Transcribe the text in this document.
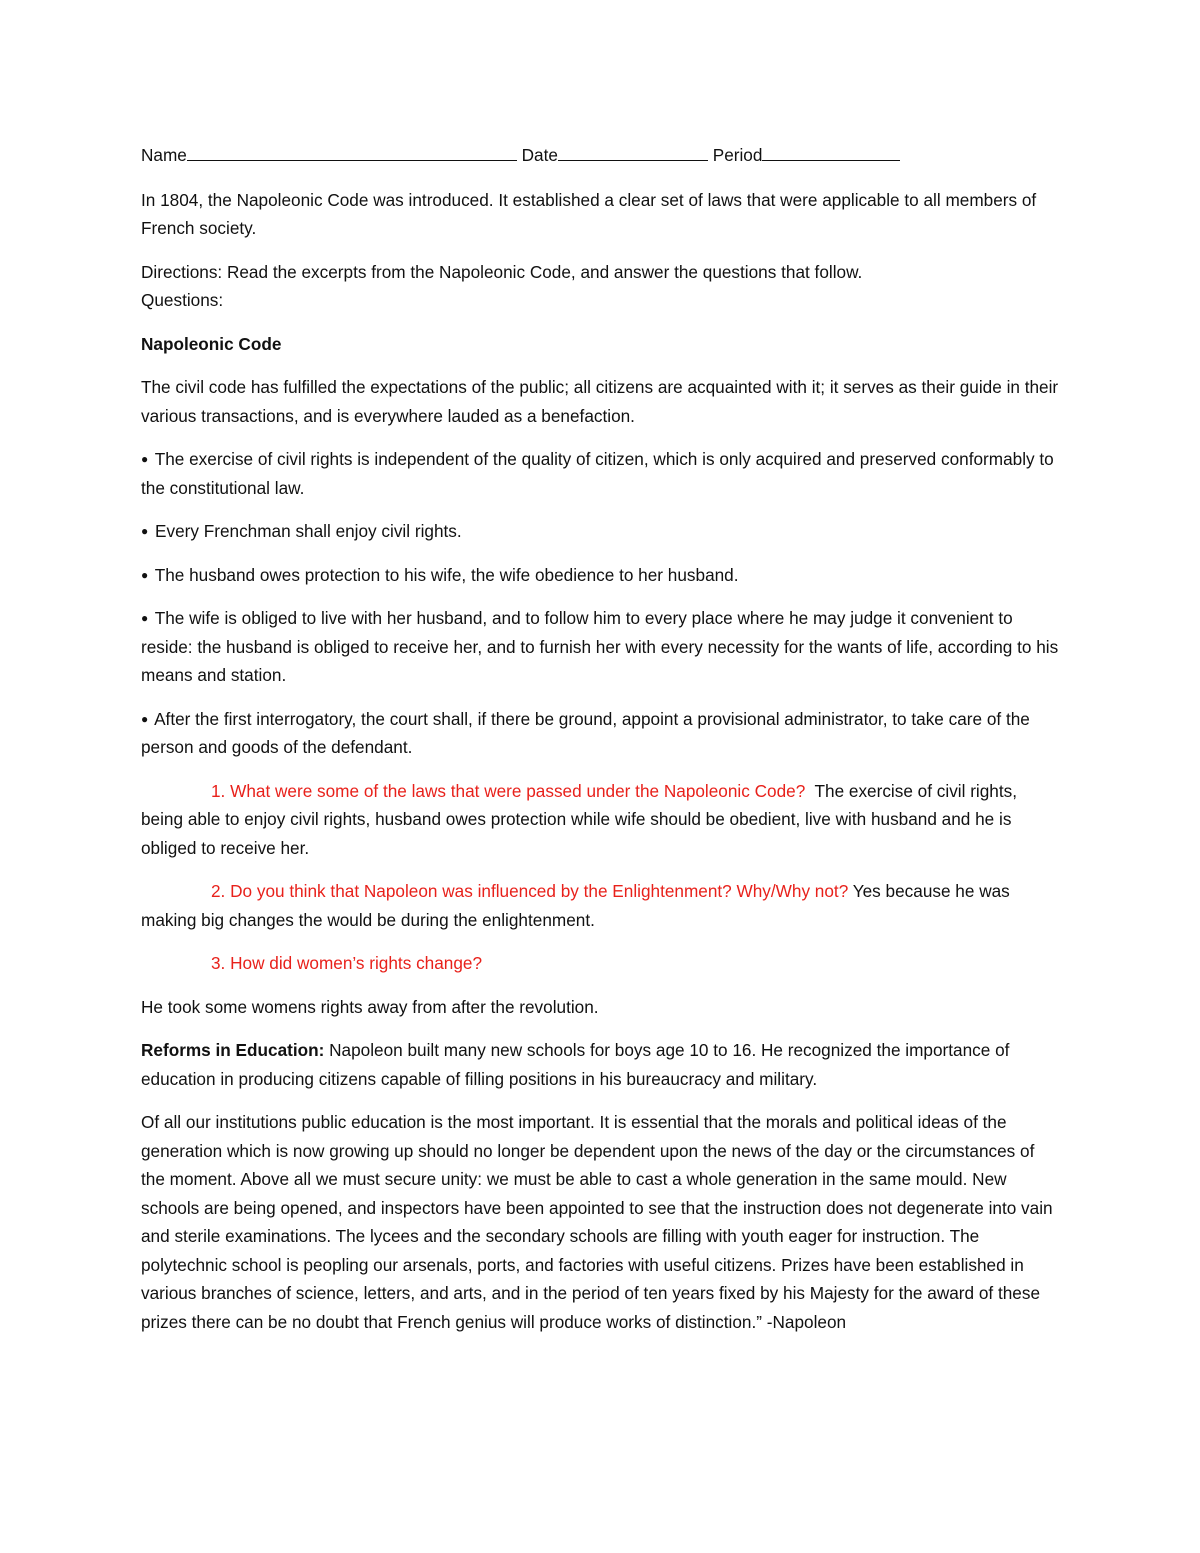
Name	Date	Period

In 1804, the Napoleonic Code was introduced. It established a clear set of laws that were applicable to all members of French society.

Directions: Read the excerpts from the Napoleonic Code, and answer the questions that follow.

Questions:

Napoleonic Code

The civil code has fulfilled the expectations of the public; all citizens are acquainted with it; it serves as their guide in their various transactions, and is everywhere lauded as a benefaction.

● The exercise of civil rights is independent of the quality of citizen, which is only acquired and preserved conformably to the constitutional law.

● Every Frenchman shall enjoy civil rights.

● The husband owes protection to his wife, the wife obedience to her husband.

● The wife is obliged to live with her husband, and to follow him to every place where he may judge it convenient to reside: the husband is obliged to receive her, and to furnish her with every necessity for the wants of life, according to his means and station.

● After the first interrogatory, the court shall, if there be ground, appoint a provisional administrator, to take care of the person and goods of the defendant.

1. What were some of the laws that were passed under the Napoleonic Code? The exercise of civil rights, being able to enjoy civil rights, husband owes protection while wife should be obedient, live with husband and he is obliged to receive her.

2. Do you think that Napoleon was influenced by the Enlightenment? Why/Why not? Yes because he was making big changes the would be during the enlightenment.

3. How did women’s rights change?

He took some womens rights away from after the revolution.

Reforms in Education: Napoleon built many new schools for boys age 10 to 16. He recognized the importance of education in producing citizens capable of filling positions in his bureaucracy and military.

Of all our institutions public education is the most important. It is essential that the morals and political ideas of the generation which is now growing up should no longer be dependent upon the news of the day or the circumstances of the moment. Above all we must secure unity: we must be able to cast a whole generation in the same mould. New schools are being opened, and inspectors have been appointed to see that the instruction does not degenerate into vain and sterile examinations. The lycees and the secondary schools are filling with youth eager for instruction. The polytechnic school is peopling our arsenals, ports, and factories with useful citizens. Prizes have been established in various branches of science, letters, and arts, and in the period of ten years fixed by his Majesty for the award of these prizes there can be no doubt that French genius will produce works of distinction.” -Napoleon
